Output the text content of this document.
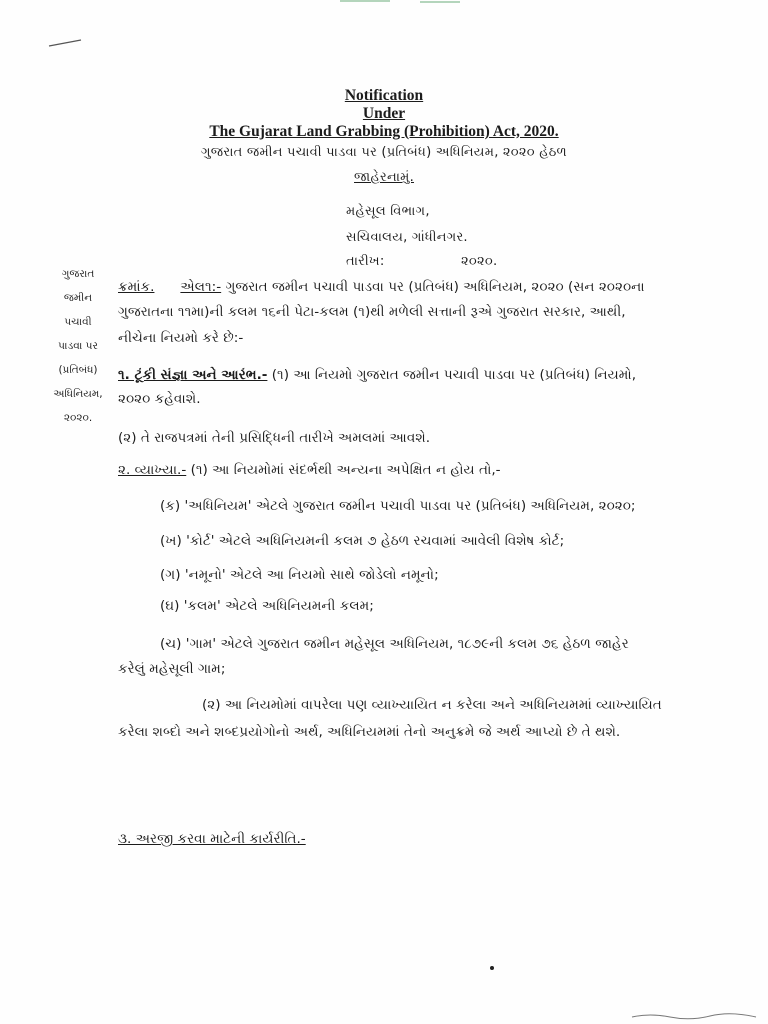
Notification
Under
The Gujarat Land Grabbing (Prohibition) Act, 2020.
ગુજરાત જમીન પચાવી પાડવા પર (પ્રતિબંધ) અધિનિયમ, ૨૦૨૦ હેઠળ
જાહેરનામું.
મહેસૂલ વિભાગ,
સચિવાલય, ગાંધીનગર.
તારીખ:	૨૦૨૦.
ગુજરાત
જમીન
પચાવી
પાડવા પર
(પ્રતિબંધ)
અધિનિયમ,
૨૦૨૦.
ક્રમાંક. એલ૧:- ગુજરાત જમીન પચાવી પાડવા પર (પ્રતિબંધ) અધિનિયમ, ૨૦૨૦ (સન ૨૦૨૦ના
ગુજરાતના ૧૧મા)ની કલમ ૧૬ની પેટા-કલમ (૧)થી મળેલી સત્તાની રૂએ ગુજરાત સરકાર, આથી,
નીચેના નિયમો કરે છે:-
૧. ટૂંકી સંજ્ઞા અને આરંભ.- (૧) આ નિયમો ગુજરાત જમીન પચાવી પાડવા પર (પ્રતિબંધ) નિયમો,
૨૦૨૦ કહેવાશે.
(૨) તે રાજપત્રમાં તેની પ્રસિદ્ધિની તારીખે અમલમાં આવશે.
૨. વ્યાખ્યા.- (૧) આ નિયમોમાં સંદર્ભથી અન્યના અપેક્ષિત ન હોય તો,-
(ક) 'અધિનિયમ' એટલે ગુજરાત જમીન પચાવી પાડવા પર (પ્રતિબંધ) અધિનિયમ, ૨૦૨૦;
(ખ) 'કોર્ટ' એટલે અધિનિયમની કલમ ૭ હેઠળ રચવામાં આવેલી વિશેષ કોર્ટ;
(ગ) 'નમૂનો' એટલે આ નિયમો સાથે જોડેલો નમૂનો;
(ઘ) 'કલમ' એટલે અધિનિયમની કલમ;
(ચ) 'ગામ' એટલે ગુજરાત જમીન મહેસૂલ અધિનિયમ, ૧૮૭૯ની કલમ ૭૬ હેઠળ જાહેર
કરેલું મહેસૂલી ગામ;
(૨) આ નિયમોમાં વાપરેલા પણ વ્યાખ્યાયિત ન કરેલા અને અધિનિયમમાં વ્યાખ્યાયિત
કરેલા શબ્દો અને શબ્દપ્રયોગોનો અર્થ, અધિનિયમમાં તેનો અનુક્રમે જે અર્થ આપ્યો છે તે થશે.
૩. અરજી કરવા માટેની કાર્યરીતિ.-
